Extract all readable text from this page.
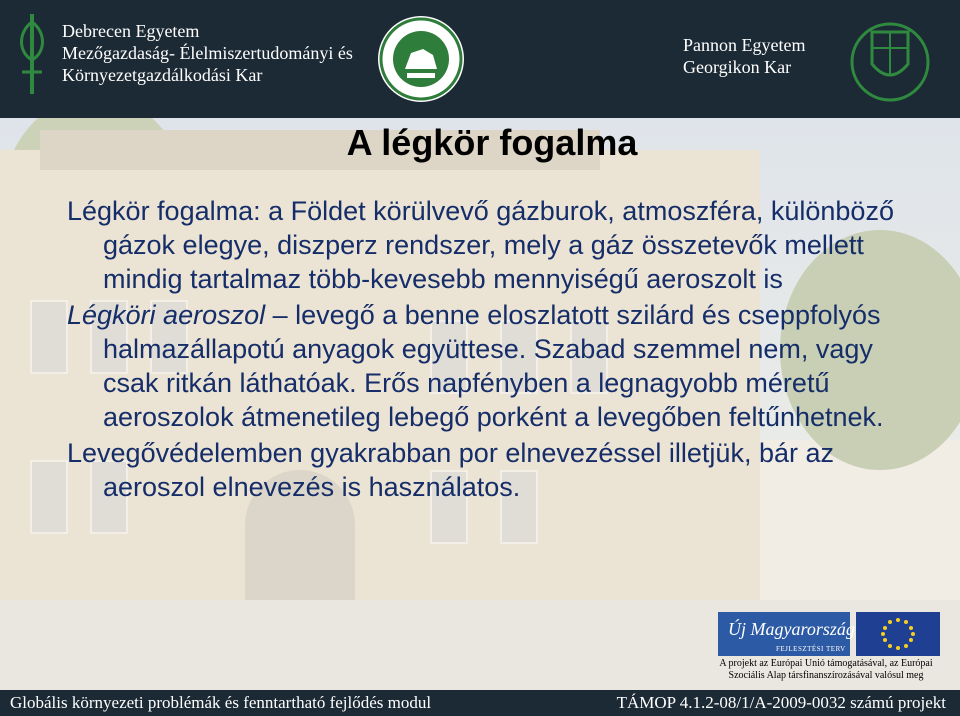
Debrecen Egyetem
Mezőgazdaság- Élelmiszertudományi és
Környezetgazdálkodási Kar
Pannon Egyetem
Georgikon Kar
A légkör fogalma

Légkör fogalma: a Földet körülvevő gázburok, atmoszféra, különböző gázok elegye, diszperz rendszer, mely a gáz összetevők mellett mindig tartalmaz több-kevesebb mennyiségű aeroszolt is

Légköri aeroszol – levegő a benne eloszlatott szilárd és cseppfolyós halmazállapotú anyagok együttese. Szabad szemmel nem, vagy csak ritkán láthatóak. Erős napfényben a legnagyobb méretű aeroszolok átmenetileg lebegő porként a levegőben feltűnhetnek.

Levegővédelemben gyakrabban por elnevezéssel illetjük, bár az aeroszol elnevezés is használatos.

Új Magyarország
FEJLESZTÉSI TERV
A projekt az Európai Unió támogatásával, az Európai
Szociális Alap társfinanszírozásával valósul meg
Globális környezeti problémák és fenntartható fejlődés modul	TÁMOP 4.1.2-08/1/A-2009-0032 számú projekt
